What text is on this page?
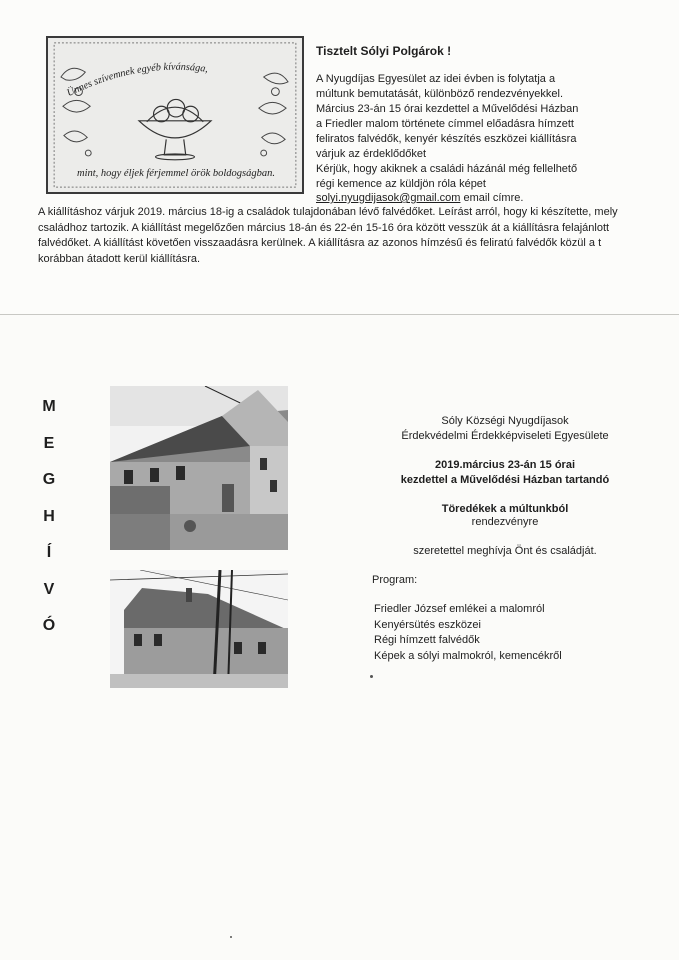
Ünnes szívemnek egyéb kívánsága,
mint, hogy éljek férjemmel örök boldogságban.
Tisztelt Sólyi Polgárok !
A Nyugdíjas Egyesület az idei évben is folytatja a
múltunk bemutatását, különböző rendezvényekkel.
Március 23-án 15 órai kezdettel a Művelődési Házban
a Friedler malom története címmel előadásra hímzett
feliratos falvédők, kenyér készítés eszközei kiállításra
várjuk az érdeklődőket
Kérjük, hogy akiknek a családi házánál még fellelhető
régi kemence az küldjön róla képet
solyi.nyugdijasok@gmail.com email címre.
A kiállításhoz várjuk 2019. március 18-ig a családok tulajdonában lévő falvédőket. Leírást arról, hogy ki készítette, mely családhoz tartozik. A kiállítást megelőzően március 18-án és 22-én 15-16 óra között vesszük át a kiállításra felajánlott falvédőket. A kiállítást követően visszaadásra kerülnek. A kiállításra az azonos hímzésű és feliratú falvédők közül a t korábban átadott kerül kiállításra.
M
E
G
H
Í
V
Ó
Sóly Községi Nyugdíjasok
Érdekvédelmi Érdekképviseleti Egyesülete
2019.március 23-án 15 órai
kezdettel a Művelődési Házban tartandó
Töredékek a múltunkból
rendezvényre
szeretettel meghívja Önt és családját.
Program:
Friedler József emlékei a malomról
Kenyérsütés eszközei
Régi hímzett falvédők
Képek a sólyi malmokról, kemencékről
